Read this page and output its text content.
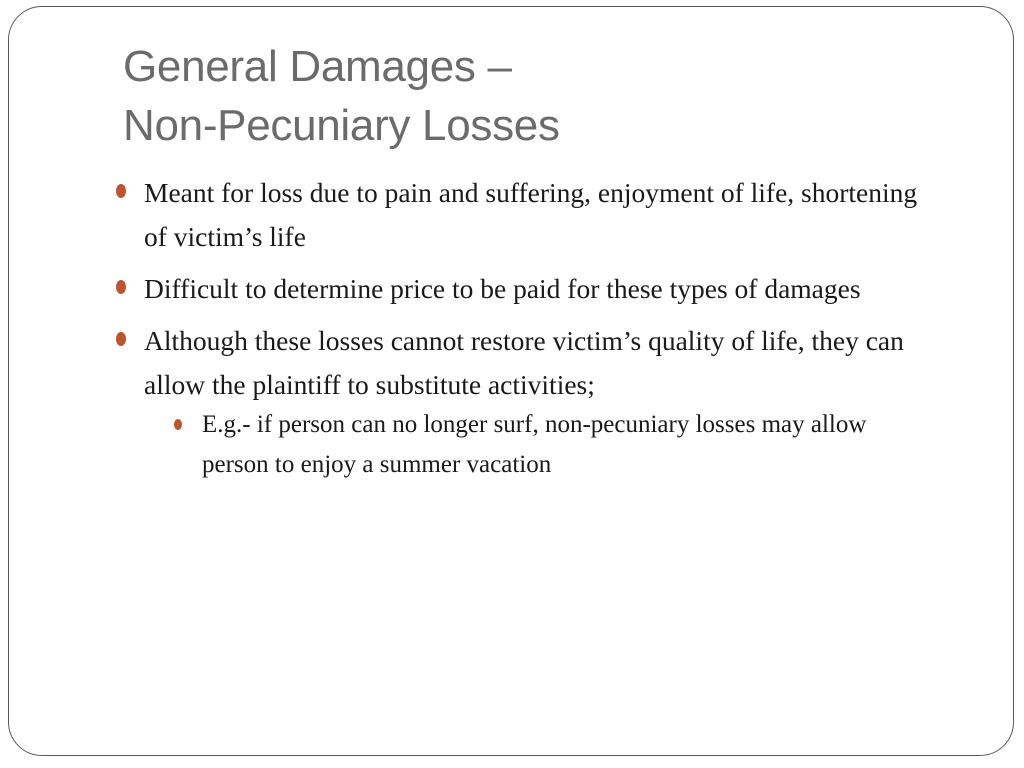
General Damages –
Non-Pecuniary Losses
Meant for loss due to pain and suffering, enjoyment of life, shortening of victim’s life
Difficult to determine price to be paid for these types of damages
Although these losses cannot restore victim’s quality of life, they can allow the plaintiff to substitute activities;
E.g.- if person can no longer surf, non-pecuniary losses may allow person to enjoy a summer vacation
